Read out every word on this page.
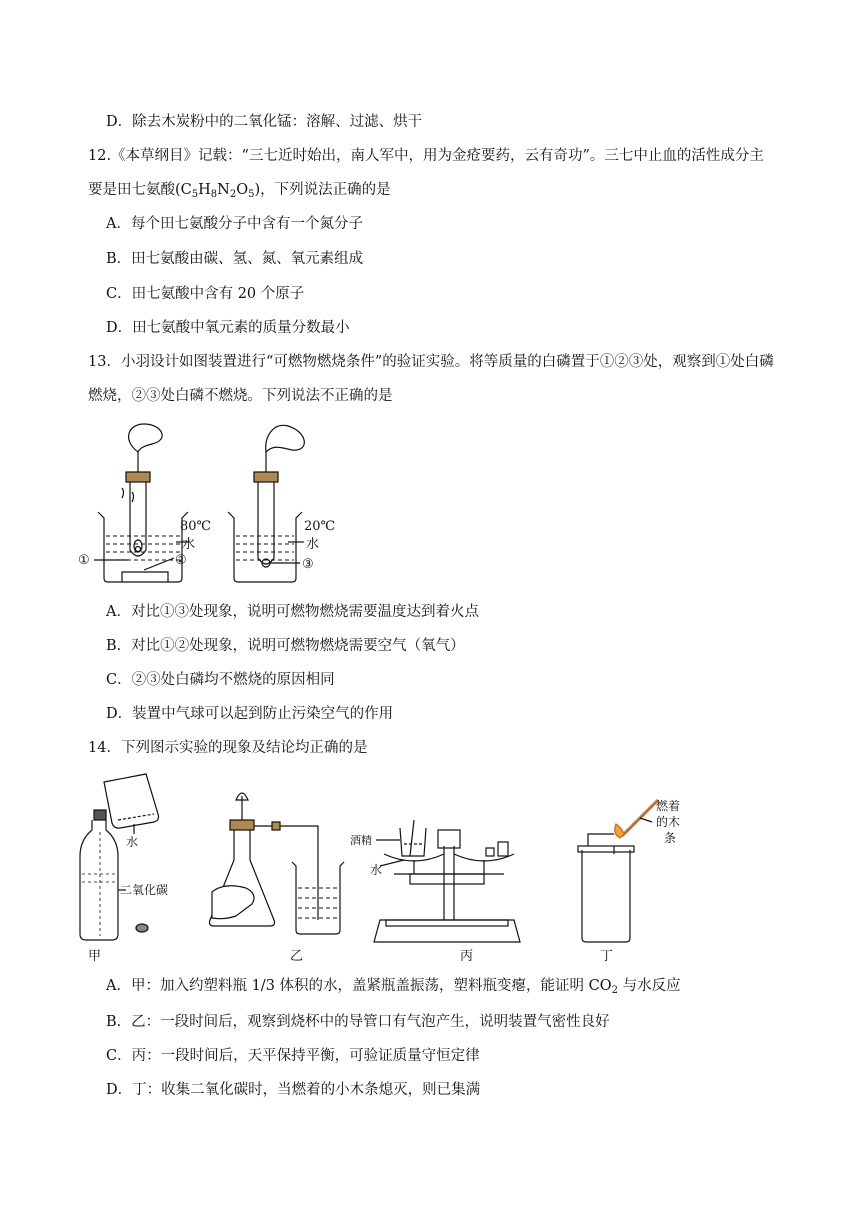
D．除去木炭粉中的二氧化锰：溶解、过滤、烘干
12.《本草纲目》记载：“三七近时始出，南人军中，用为金疮要药，云有奇功”。三七中止血的活性成分主
要是田七氨酸$(C_5H_8N_2O_5)$，下列说法正确的是
A．每个田七氨酸分子中含有一个氮分子
B．田七氨酸由碳、氢、氮、氧元素组成
C．田七氨酸中含有 20 个原子
D．田七氨酸中氧元素的质量分数最小
13．小羽设计如图装置进行“可燃物燃烧条件”的验证实验。将等质量的白磷置于①②③处，观察到①处白磷
燃烧，②③处白磷不燃烧。下列说法不正确的是
80℃
水
①	②
20℃
水
③
A．对比①③处现象，说明可燃物燃烧需要温度达到着火点
B．对比①②处现象，说明可燃物燃烧需要空气（氧气）
C．②③处白磷均不燃烧的原因相同
D．装置中气球可以起到防止污染空气的作用
14．下列图示实验的现象及结论均正确的是
水
二氧化碳
甲	乙
酒精
水
丙
燃着
的木
条
丁
A．甲：加入约塑料瓶 1/3 体积的水，盖紧瓶盖振荡，塑料瓶变瘪，能证明 $CO_2$ 与水反应
B．乙：一段时间后，观察到烧杯中的导管口有气泡产生，说明装置气密性良好
C．丙：一段时间后，天平保持平衡，可验证质量守恒定律
D．丁：收集二氧化碳时，当燃着的小木条熄灭，则已集满
